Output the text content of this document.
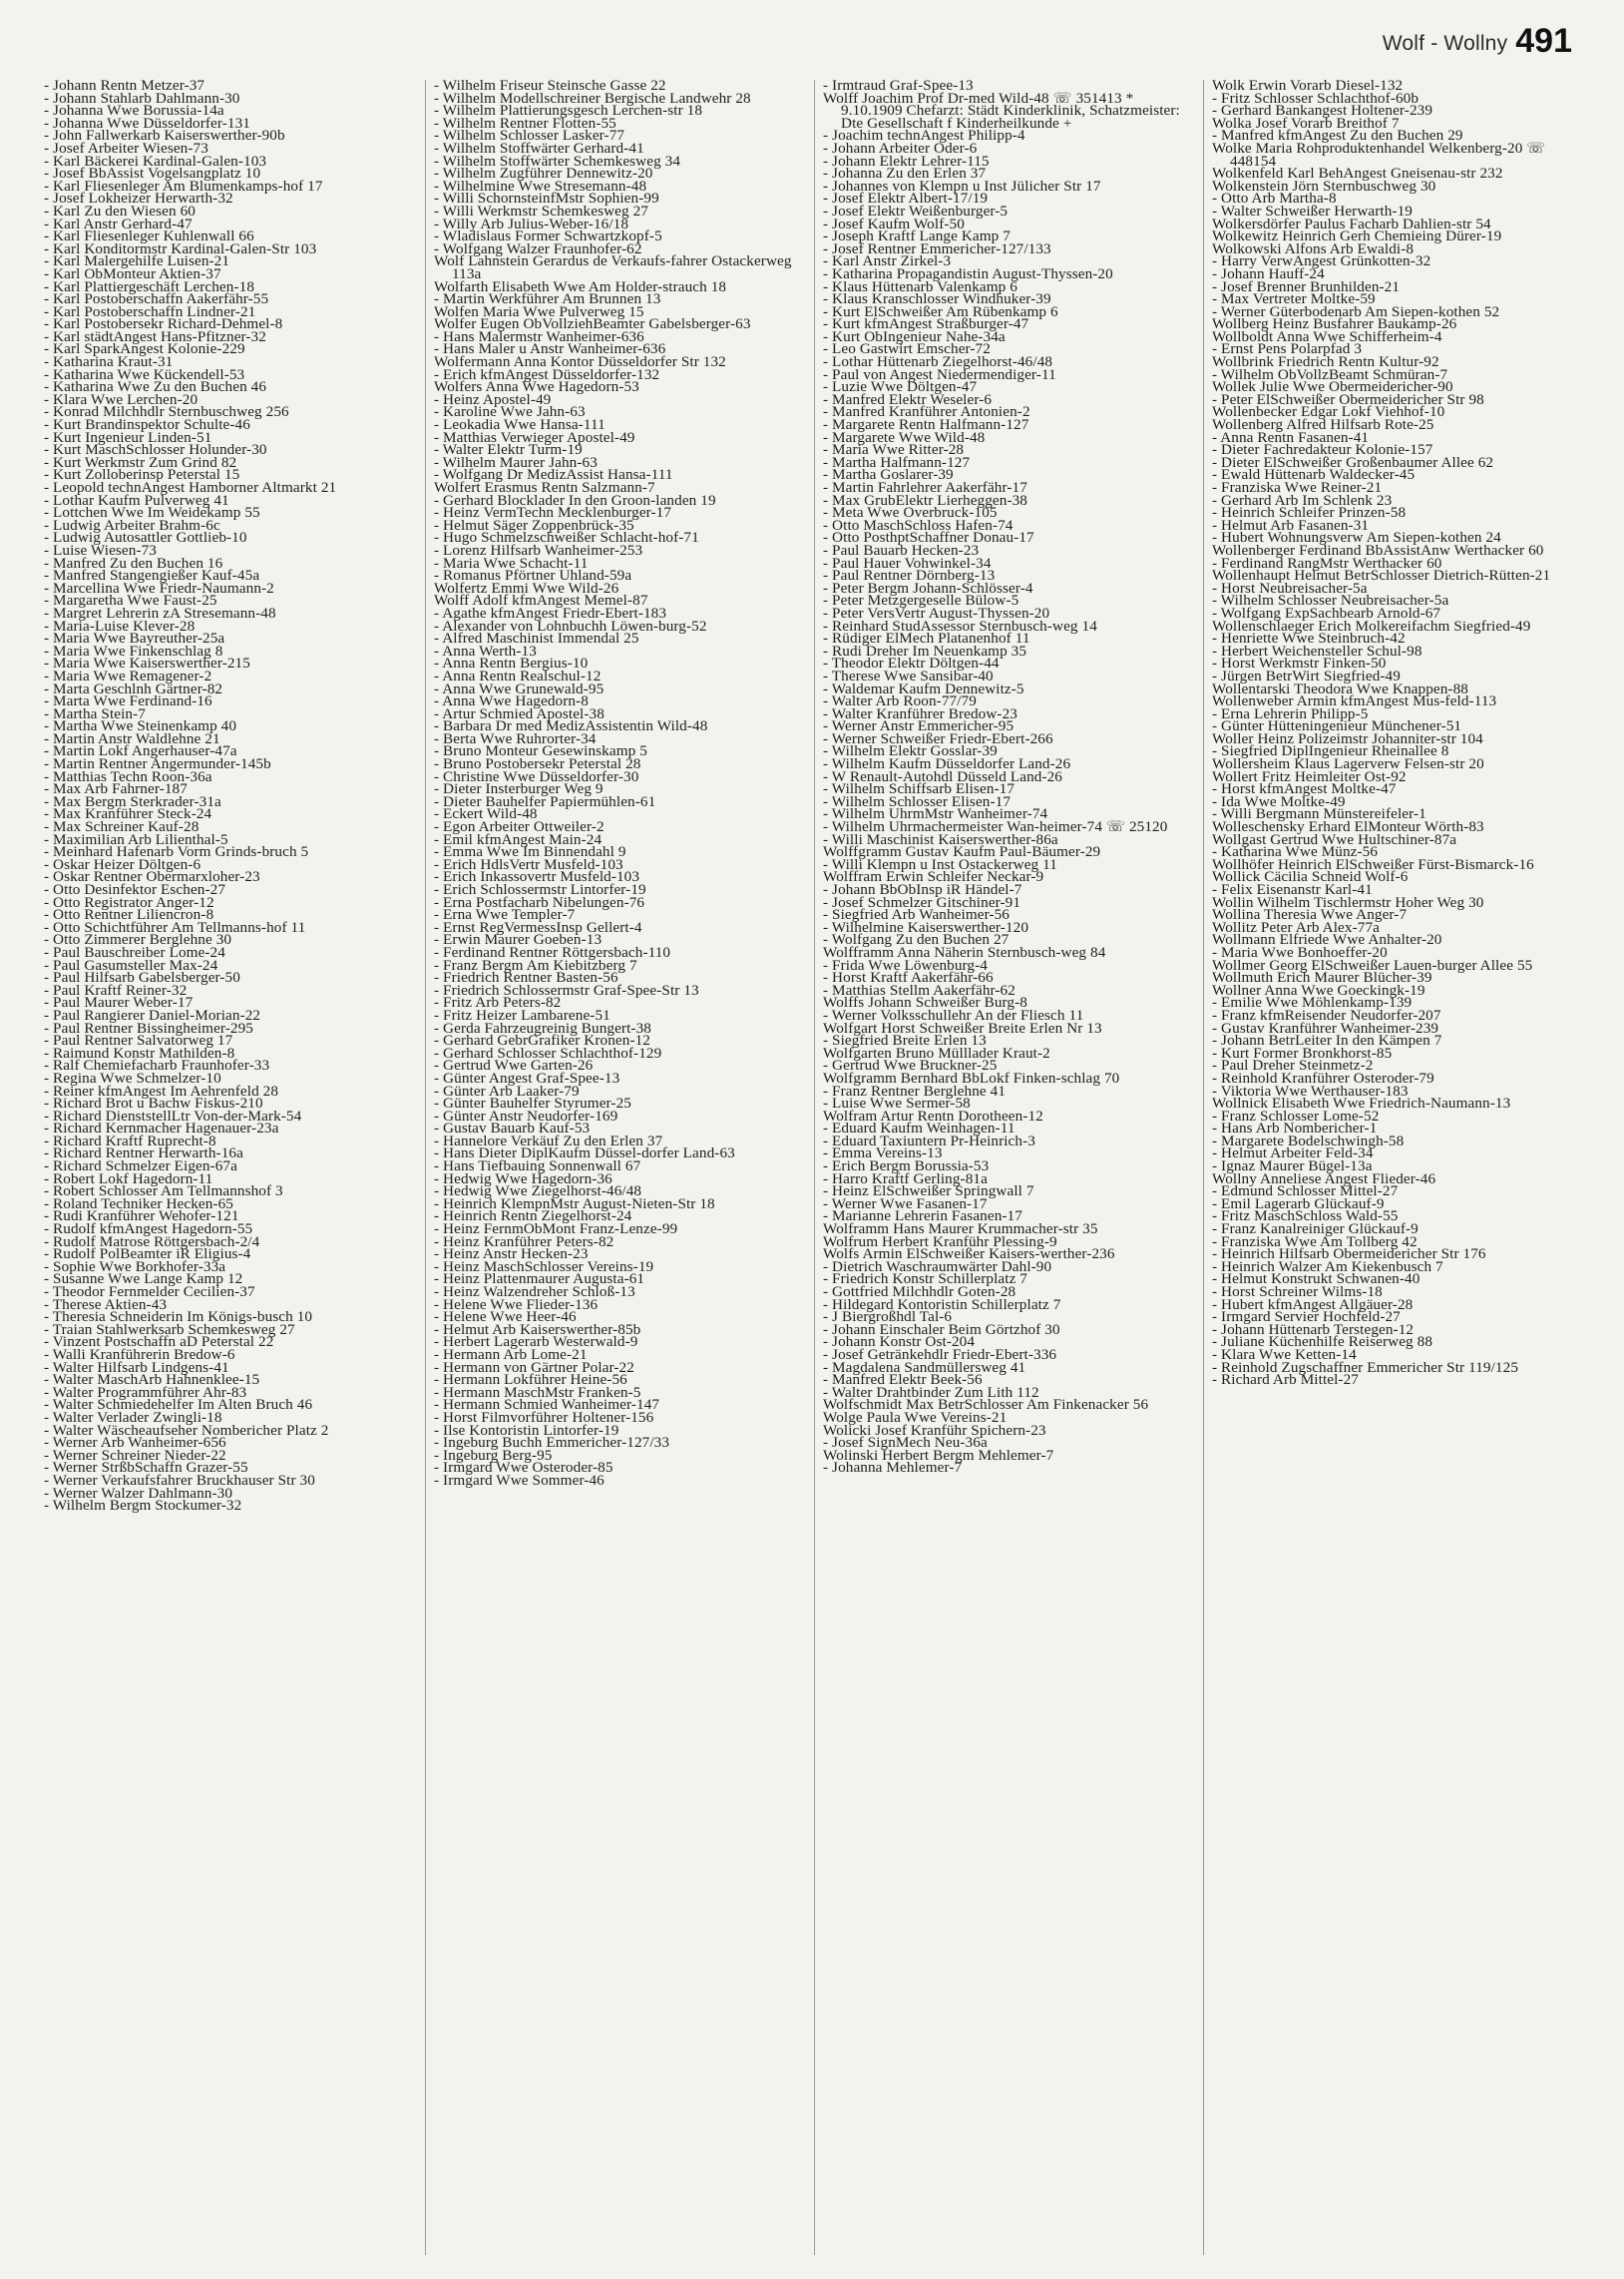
Wolf - Wollny 491
- Johann Rentn Metzer-37
- Johann Stahlarb Dahlmann-30
- Johanna Wwe Borussia-14a
- Johanna Wwe Düsseldorfer-131
- John Fallwerkarb Kaiserswerther-90b
- Josef Arbeiter Wiesen-73
- Karl Bäckerei Kardinal-Galen-103
- Josef BbAssist Vogelsangplatz 10
- Karl Fliesenleger Am Blumenkamps-hof 17
- Josef Lokheizer Herwarth-32
- Karl Zu den Wiesen 60
- Karl Anstr Gerhard-47
- Karl Fliesenleger Kuhlenwall 66
- Karl Konditormstr Kardinal-Galen-Str 103
- Karl Malergehilfe Luisen-21
- Karl ObMonteur Aktien-37
- Karl Plattiergeschäft Lerchen-18
- Karl Postoberschaffn Aakerfähr-55
- Karl Postoberschaffn Lindner-21
- Karl Postobersekr Richard-Dehmel-8
- Karl städtAngest Hans-Pfitzner-32
- Karl SparkAngest Kolonie-229
- Katharina Kraut-31
- Katharina Wwe Kückendell-53
- Katharina Wwe Zu den Buchen 46
- Klara Wwe Lerchen-20
- Konrad Milchhdlr Sternbuschweg 256
- Kurt Brandinspektor Schulte-46
- Kurt Ingenieur Linden-51
- Kurt MaschSchlosser Holunder-30
- Kurt Werkmstr Zum Grind 82
- Kurt Zolloberinsp Peterstal 15
- Leopold technAngest Hamborner Altmarkt 21
- Lothar Kaufm Pulverweg 41
- Lottchen Wwe Im Weidekamp 55
- Ludwig Arbeiter Brahm-6c
- Ludwig Autosattler Gottlieb-10
- Luise Wiesen-73
- Manfred Zu den Buchen 16
- Manfred Stangengießer Kauf-45a
- Marcellina Wwe Friedr-Naumann-2
- Margaretha Wwe Faust-25
- Margret Lehrerin zA Stresemann-48
- Maria-Luise Klever-28
- Maria Wwe Bayreuther-25a
- Maria Wwe Finkenschlag 8
- Maria Wwe Kaiserswerther-215
- Maria Wwe Remagener-2
- Marta Geschlnh Gärtner-82
- Marta Wwe Ferdinand-16
- Martha Stein-7
- Martha Wwe Steinenkamp 40
- Martin Anstr Waldlehne 21
- Martin Lokf Angerhauser-47a
- Martin Rentner Angermunder-145b
- Matthias Techn Roon-36a
- Max Arb Fahrner-187
- Max Bergm Sterkrader-31a
- Max Kranführer Steck-24
- Max Schreiner Kauf-28
- Maximilian Arb Lilienthal-5
- Meinhard Hafenarb Vorm Grinds-bruch 5
- Oskar Heizer Döltgen-6
- Oskar Rentner Obermarxloher-23
- Otto Desinfektor Eschen-27
- Otto Registrator Anger-12
- Otto Rentner Liliencron-8
- Otto Schichtführer Am Tellmanns-hof 11
- Otto Zimmerer Berglehne 30
- Paul Bauschreiber Lome-24
- Paul Gasumsteller Max-24
- Paul Hilfsarb Gabelsberger-50
- Paul Kraftf Reiner-32
- Paul Maurer Weber-17
- Paul Rangierer Daniel-Morian-22
- Paul Rentner Bissingheimer-295
- Paul Rentner Salvatorweg 17
- Raimund Konstr Mathilden-8
- Ralf Chemiefacharb Fraunhofer-33
- Regina Wwe Schmelzer-10
- Reiner kfmAngest Im Aehrenfeld 28
- Richard Brot u Bachw Fiskus-210
- Richard DienststellLtr Von-der-Mark-54
- Richard Kernmacher Hagenauer-23a
- Richard Kraftf Ruprecht-8
- Richard Rentner Herwarth-16a
- Richard Schmelzer Eigen-67a
- Robert Lokf Hagedorn-11
- Robert Schlosser Am Tellmannshof 3
- Roland Techniker Hecken-65
- Rudi Kranführer Wehofer-121
- Rudolf kfmAngest Hagedorn-55
- Rudolf Matrose Röttgersbach-2/4
- Rudolf PolBeamter iR Eligius-4
- Sophie Wwe Borkhofer-33a
- Susanne Wwe Lange Kamp 12
- Theodor Fernmelder Cecilien-37
- Therese Aktien-43
- Theresia Schneiderin Im Königs-busch 10
- Traian Stahlwerksarb Schemkesweg 27
- Vinzent Postschaffn aD Peterstal 22
- Walli Kranführerin Bredow-6
- Walter Hilfsarb Lindgens-41
- Walter MaschArb Hahnenklee-15
- Walter Programmführer Ahr-83
- Walter Schmiedehelfer Im Alten Bruch 46
- Walter Verlader Zwingli-18
- Walter Wäscheaufseher Nombericher Platz 2
- Werner Arb Wanheimer-656
- Werner Schreiner Nieder-22
- Werner StrßbSchaffn Grazer-55
- Werner Verkaufsfahrer Bruckhauser Str 30
- Werner Walzer Dahlmann-30
- Wilhelm Bergm Stockumer-32
- Wilhelm Friseur Steinsche Gasse 22
- Wilhelm Modellschreiner Bergische Landwehr 28
- Wilhelm Plattierungsgesch Lerchen-str 18
- Wilhelm Rentner Flotten-55
- Wilhelm Schlosser Lasker-77
- Wilhelm Stoffwärter Gerhard-41
- Wilhelm Stoffwärter Schemkesweg 34
- Wilhelm Zugführer Dennewitz-20
- Wilhelmine Wwe Stresemann-48
- Willi SchornsteinfMstr Sophien-99
- Willi Werkmstr Schemkesweg 27
- Willy Arb Julius-Weber-16/18
- Wladislaus Former Schwartzkopf-5
- Wolfgang Walzer Fraunhofer-62
Wolf Lahnstein Gerardus de Verkaufs-fahrer Ostackerweg 113a
Wolfarth Elisabeth Wwe Am Holder-strauch 18
- Martin Werkführer Am Brunnen 13
Wolfen Maria Wwe Pulverweg 15
Wolfer Eugen ObVollziehBeamter Gabelsberger-63
- Hans Malermstr Wanheimer-636
- Hans Maler u Anstr Wanheimer-636
Wolfermann Anna Kontor Düsseldorfer Str 132
- Erich kfmAngest Düsseldorfer-132
Wolfers Anna Wwe Hagedorn-53
- Heinz Apostel-49
- Karoline Wwe Jahn-63
- Leokadia Wwe Hansa-111
- Matthias Verwieger Apostel-49
- Walter Elektr Turm-19
- Wilhelm Maurer Jahn-63
- Wolfgang Dr MedizAssist Hansa-111
Wolfert Erasmus Rentn Salzmann-7
- Gerhard Blocklader In den Groon-landen 19
- Heinz VermTechn Mecklenburger-17
- Helmut Säger Zoppenbrück-35
- Hugo Schmelzschweißer Schlacht-hof-71
- Lorenz Hilfsarb Wanheimer-253
- Maria Wwe Schacht-11
- Romanus Pförtner Uhland-59a
Wolfertz Emmi Wwe Wild-26
Wolff Adolf kfmAngest Memel-87
- Agathe kfmAngest Friedr-Ebert-183
- Alexander von Lohnbuchh Löwen-burg-52
- Alfred Maschinist Immendal 25
- Anna Werth-13
- Anna Rentn Bergius-10
- Anna Rentn Realschul-12
- Anna Wwe Grunewald-95
- Anna Wwe Hagedorn-8
- Artur Schmied Apostel-38
- Barbara Dr med MedizAssistentin Wild-48
- Berta Wwe Ruhrorter-34
- Bruno Monteur Gesewinskamp 5
- Bruno Postobersekr Peterstal 28
- Christine Wwe Düsseldorfer-30
- Dieter Insterburger Weg 9
- Dieter Bauhelfer Papiermühlen-61
- Eckert Wild-48
- Egon Arbeiter Ottweiler-2
- Emil kfmAngest Main-24
- Emma Wwe Im Binnendahl 9
- Erich HdlsVertr Musfeld-103
- Erich Inkassovertr Musfeld-103
- Erich Schlossermstr Lintorfer-19
- Erna Postfacharb Nibelungen-76
- Erna Wwe Templer-7
- Ernst RegVermessInsp Gellert-4
- Erwin Maurer Goeben-13
- Ferdinand Rentner Röttgersbach-110
- Franz Bergm Am Kiebitzberg 7
- Friedrich Rentner Basten-56
- Friedrich Schlossermstr Graf-Spee-Str 13
- Fritz Arb Peters-82
- Fritz Heizer Lambarene-51
- Gerda Fahrzeugreinig Bungert-38
- Gerhard GebrGrafiker Kronen-12
- Gerhard Schlosser Schlachthof-129
- Gertrud Wwe Garten-26
- Günter Angest Graf-Spee-13
- Günter Arb Laaker-79
- Günter Bauhelfer Styrumer-25
- Günter Anstr Neudorfer-169
- Gustav Bauarb Kauf-53
- Hannelore Verkäuf Zu den Erlen 37
- Hans Dieter DiplKaufm Düssel-dorfer Land-63
- Hans Tiefbauing Sonnenwall 67
- Hedwig Wwe Hagedorn-36
- Hedwig Wwe Ziegelhorst-46/48
- Heinrich KlempnMstr August-Nieten-Str 18
- Heinrich Rentn Ziegelhorst-24
- Heinz FernmObMont Franz-Lenze-99
- Heinz Kranführer Peters-82
- Heinz Anstr Hecken-23
- Heinz MaschSchlosser Vereins-19
- Heinz Plattenmaurer Augusta-61
- Heinz Walzendreher Schloß-13
- Helene Wwe Flieder-136
- Helene Wwe Heer-46
- Helmut Arb Kaiserswerther-85b
- Herbert Lagerarb Westerwald-9
- Hermann Arb Lome-21
- Hermann von Gärtner Polar-22
- Hermann Lokführer Heine-56
- Hermann MaschMstr Franken-5
- Hermann Schmied Wanheimer-147
- Horst Filmvorführer Holtener-156
- Ilse Kontoristin Lintorfer-19
- Ingeburg Buchh Emmericher-127/33
- Ingeburg Berg-95
- Irmgard Wwe Osteroder-85
- Irmgard Wwe Sommer-46
- Irmtraud Graf-Spee-13
Wolff Joachim Prof Dr-med Wild-48 ☏ 351413 * 9.10.1909 Chefarzt: Städt Kinderklinik, Schatzmeister: Dte Gesellschaft f Kinderheilkunde +
- Joachim technAngest Philipp-4
- Johann Arbeiter Oder-6
- Johann Elektr Lehrer-115
- Johanna Zu den Erlen 37
- Johannes von Klempn u Inst Jülicher Str 17
- Josef Elektr Albert-17/19
- Josef Elektr Weißenburger-5
- Josef Kaufm Wolf-50
- Joseph Kraftf Lange Kamp 7
- Josef Rentner Emmericher-127/133
- Karl Anstr Zirkel-3
- Katharina Propagandistin August-Thyssen-20
- Klaus Hüttenarb Valenkamp 6
- Klaus Kranschlosser Windhuker-39
- Kurt ElSchweißer Am Rübenkamp 6
- Kurt kfmAngest Straßburger-47
- Kurt ObIngenieur Nahe-34a
- Leo Gastwirt Emscher-72
- Lothar Hüttenarb Ziegelhorst-46/48
- Paul von Angest Niedermendiger-11
- Luzie Wwe Döltgen-47
- Manfred Elektr Weseler-6
- Manfred Kranführer Antonien-2
- Margarete Rentn Halfmann-127
- Margarete Wwe Wild-48
- Maria Wwe Ritter-28
- Martha Halfmann-127
- Martha Goslarer-39
- Martin Fahrlehrer Aakerfähr-17
- Max GrubElektr Lierheggen-38
- Meta Wwe Overbruck-105
- Otto MaschSchloss Hafen-74
- Otto PosthptSchaffner Donau-17
- Paul Bauarb Hecken-23
- Paul Hauer Vohwinkel-34
- Paul Rentner Dörnberg-13
- Peter Bergm Johann-Schlösser-4
- Peter Metzgergeselle Bülow-5
- Peter VersVertr August-Thyssen-20
- Reinhard StudAssessor Sternbusch-weg 14
- Rüdiger ElMech Platanenhof 11
- Rudi Dreher Im Neuenkamp 35
- Theodor Elektr Döltgen-44
- Therese Wwe Sansibar-40
- Waldemar Kaufm Dennewitz-5
- Walter Arb Roon-77/79
- Walter Kranführer Bredow-23
- Werner Anstr Emmericher-95
- Werner Schweißer Friedr-Ebert-266
- Wilhelm Elektr Gosslar-39
- Wilhelm Kaufm Düsseldorfer Land-26
- W Renault-Autohdl Düsseld Land-26
- Wilhelm Schiffsarb Elisen-17
- Wilhelm Schlosser Elisen-17
- Wilhelm UhrmMstr Wanheimer-74
- Wilhelm Uhrmachermeister Wan-heimer-74 ☏ 25120
- Willi Maschinist Kaiserswerther-86a
Wolffgramm Gustav Kaufm Paul-Bäumer-29
- Willi Klempn u Inst Ostackerweg 11
Wolffram Erwin Schleifer Neckar-9
- Johann BbObInsp iR Händel-7
- Josef Schmelzer Gitschiner-91
- Siegfried Arb Wanheimer-56
- Wilhelmine Kaiserswerther-120
- Wolfgang Zu den Buchen 27
Wolfframm Anna Näherin Sternbusch-weg 84
- Frida Wwe Löwenburg-4
- Horst Kraftf Aakerfähr-66
- Matthias Stellm Aakerfähr-62
Wolffs Johann Schweißer Burg-8
- Werner Volksschullehr An der Fliesch 11
Wolfgart Horst Schweißer Breite Erlen Nr 13
- Siegfried Breite Erlen 13
Wolfgarten Bruno Mülllader Kraut-2
- Gertrud Wwe Bruckner-25
Wolfgramm Bernhard BbLokf Finken-schlag 70
- Franz Rentner Berglehne 41
- Luise Wwe Sermer-58
Wolfram Artur Rentn Dorotheen-12
- Eduard Kaufm Weinhagen-11
- Eduard Taxiuntern Pr-Heinrich-3
- Emma Vereins-13
- Erich Bergm Borussia-53
- Harro Kraftf Gerling-81a
- Heinz ElSchweißer Springwall 7
- Werner Wwe Fasanen-17
- Marianne Lehrerin Fasanen-17
Wolframm Hans Maurer Krummacher-str 35
Wolfrum Herbert Kranführ Plessing-9
Wolfs Armin ElSchweißer Kaisers-werther-236
- Dietrich Waschraumwärter Dahl-90
- Friedrich Konstr Schillerplatz 7
- Gottfried Milchhdlr Goten-28
- Hildegard Kontoristin Schillerplatz 7
- J Biergroßhdl Tal-6
- Johann Einschaler Beim Görtzhof 30
- Johann Konstr Ost-204
- Josef Getränkehdlr Friedr-Ebert-336
- Magdalena Sandmüllersweg 41
- Manfred Elektr Beek-56
- Walter Drahtbinder Zum Lith 112
Wolfschmidt Max BetrSchlosser Am Finkenacker 56
Wolge Paula Wwe Vereins-21
Wolicki Josef Kranführ Spichern-23
- Josef SignMech Neu-36a
Wolinski Herbert Bergm Mehlemer-7
- Johanna Mehlemer-7
Wolk Erwin Vorarb Diesel-132
- Fritz Schlosser Schlachthof-60b
- Gerhard Bankangest Holtener-239
Wolka Josef Vorarb Breithof 7
- Manfred kfmAngest Zu den Buchen 29
Wolke Maria Rohproduktenhandel Welkenberg-20 ☏ 448154
Wolkenfeld Karl BehAngest Gneisenau-str 232
Wolkenstein Jörn Sternbuschweg 30
- Otto Arb Martha-8
- Walter Schweißer Herwarth-19
Wolkersdörfer Paulus Facharb Dahlien-str 54
Wolkewitz Heinrich Gerh Chemieing Dürer-19
Wolkowski Alfons Arb Ewaldi-8
- Harry VerwAngest Grünkotten-32
- Johann Hauff-24
- Josef Brenner Brunhilden-21
- Max Vertreter Moltke-59
- Werner Güterbodenarb Am Siepen-kothen 52
Wollberg Heinz Busfahrer Baukamp-26
Wollboldt Anna Wwe Schifferheim-4
- Ernst Pens Polarpfad 3
Wollbrink Friedrich Rentn Kultur-92
- Wilhelm ObVollzBeamt Schmüran-7
Wollek Julie Wwe Obermeidericher-90
- Peter ElSchweißer Obermeidericher Str 98
Wollenbecker Edgar Lokf Viehhof-10
Wollenberg Alfred Hilfsarb Rote-25
- Anna Rentn Fasanen-41
- Dieter Fachredakteur Kolonie-157
- Dieter ElSchweißer Großenbaumer Allee 62
- Ewald Hüttenarb Waldecker-45
- Franziska Wwe Reiner-21
- Gerhard Arb Im Schlenk 23
- Heinrich Schleifer Prinzen-58
- Helmut Arb Fasanen-31
- Hubert Wohnungsverw Am Siepen-kothen 24
Wollenberger Ferdinand BbAssistAnw Werthacker 60
- Ferdinand RangMstr Werthacker 60
Wollenhaupt Helmut BetrSchlosser Dietrich-Rütten-21
- Horst Neubreisacher-5a
- Wilhelm Schlosser Neubreisacher-5a
- Wolfgang ExpSachbearb Arnold-67
Wollenschlaeger Erich Molkereifachm Siegfried-49
- Henriette Wwe Steinbruch-42
- Herbert Weichensteller Schul-98
- Horst Werkmstr Finken-50
- Jürgen BetrWirt Siegfried-49
Wollentarski Theodora Wwe Knappen-88
Wollenweber Armin kfmAngest Mus-feld-113
- Erna Lehrerin Philipp-5
- Günter Hütteningenieur Münchener-51
Woller Heinz Polizeimstr Johanniter-str 104
- Siegfried DiplIngenieur Rheinallee 8
Wollersheim Klaus Lagerverw Felsen-str 20
Wollert Fritz Heimleiter Ost-92
- Horst kfmAngest Moltke-47
- Ida Wwe Moltke-49
- Willi Bergmann Münstereifeler-1
Wolleschensky Erhard ElMonteur Wörth-83
Wollgast Gertrud Wwe Hultschiner-87a
- Katharina Wwe Münz-56
Wollhöfer Heinrich ElSchweißer Fürst-Bismarck-16
Wollick Cäcilia Schneid Wolf-6
- Felix Eisenanstr Karl-41
Wollin Wilhelm Tischlermstr Hoher Weg 30
Wollina Theresia Wwe Anger-7
Wollitz Peter Arb Alex-77a
Wollmann Elfriede Wwe Anhalter-20
- Maria Wwe Bonhoeffer-20
Wollmer Georg ElSchweißer Lauen-burger Allee 55
Wollmuth Erich Maurer Blücher-39
Wollner Anna Wwe Goeckingk-19
- Emilie Wwe Möhlenkamp-139
- Franz kfmReisender Neudorfer-207
- Gustav Kranführer Wanheimer-239
- Johann BetrLeiter In den Kämpen 7
- Kurt Former Bronkhorst-85
- Paul Dreher Steinmetz-2
- Reinhold Kranführer Osteroder-79
- Viktoria Wwe Werthauser-183
Wollnick Elisabeth Wwe Friedrich-Naumann-13
- Franz Schlosser Lome-52
- Hans Arb Nombericher-1
- Margarete Bodelschwingh-58
- Helmut Arbeiter Feld-34
- Ignaz Maurer Bügel-13a
Wollny Anneliese Angest Flieder-46
- Edmund Schlosser Mittel-27
- Emil Lagerarb Glückauf-9
- Fritz MaschSchloss Wald-55
- Franz Kanalreiniger Glückauf-9
- Franziska Wwe Am Tollberg 42
- Heinrich Hilfsarb Obermeidericher Str 176
- Heinrich Walzer Am Kiekenbusch 7
- Helmut Konstrukt Schwanen-40
- Horst Schreiner Wilms-18
- Hubert kfmAngest Allgäuer-28
- Irmgard Servier Hochfeld-27
- Johann Hüttenarb Terstegen-12
- Juliane Küchenhilfe Reiserweg 88
- Klara Wwe Ketten-14
- Reinhold Zugschaffner Emmericher Str 119/125
- Richard Arb Mittel-27
